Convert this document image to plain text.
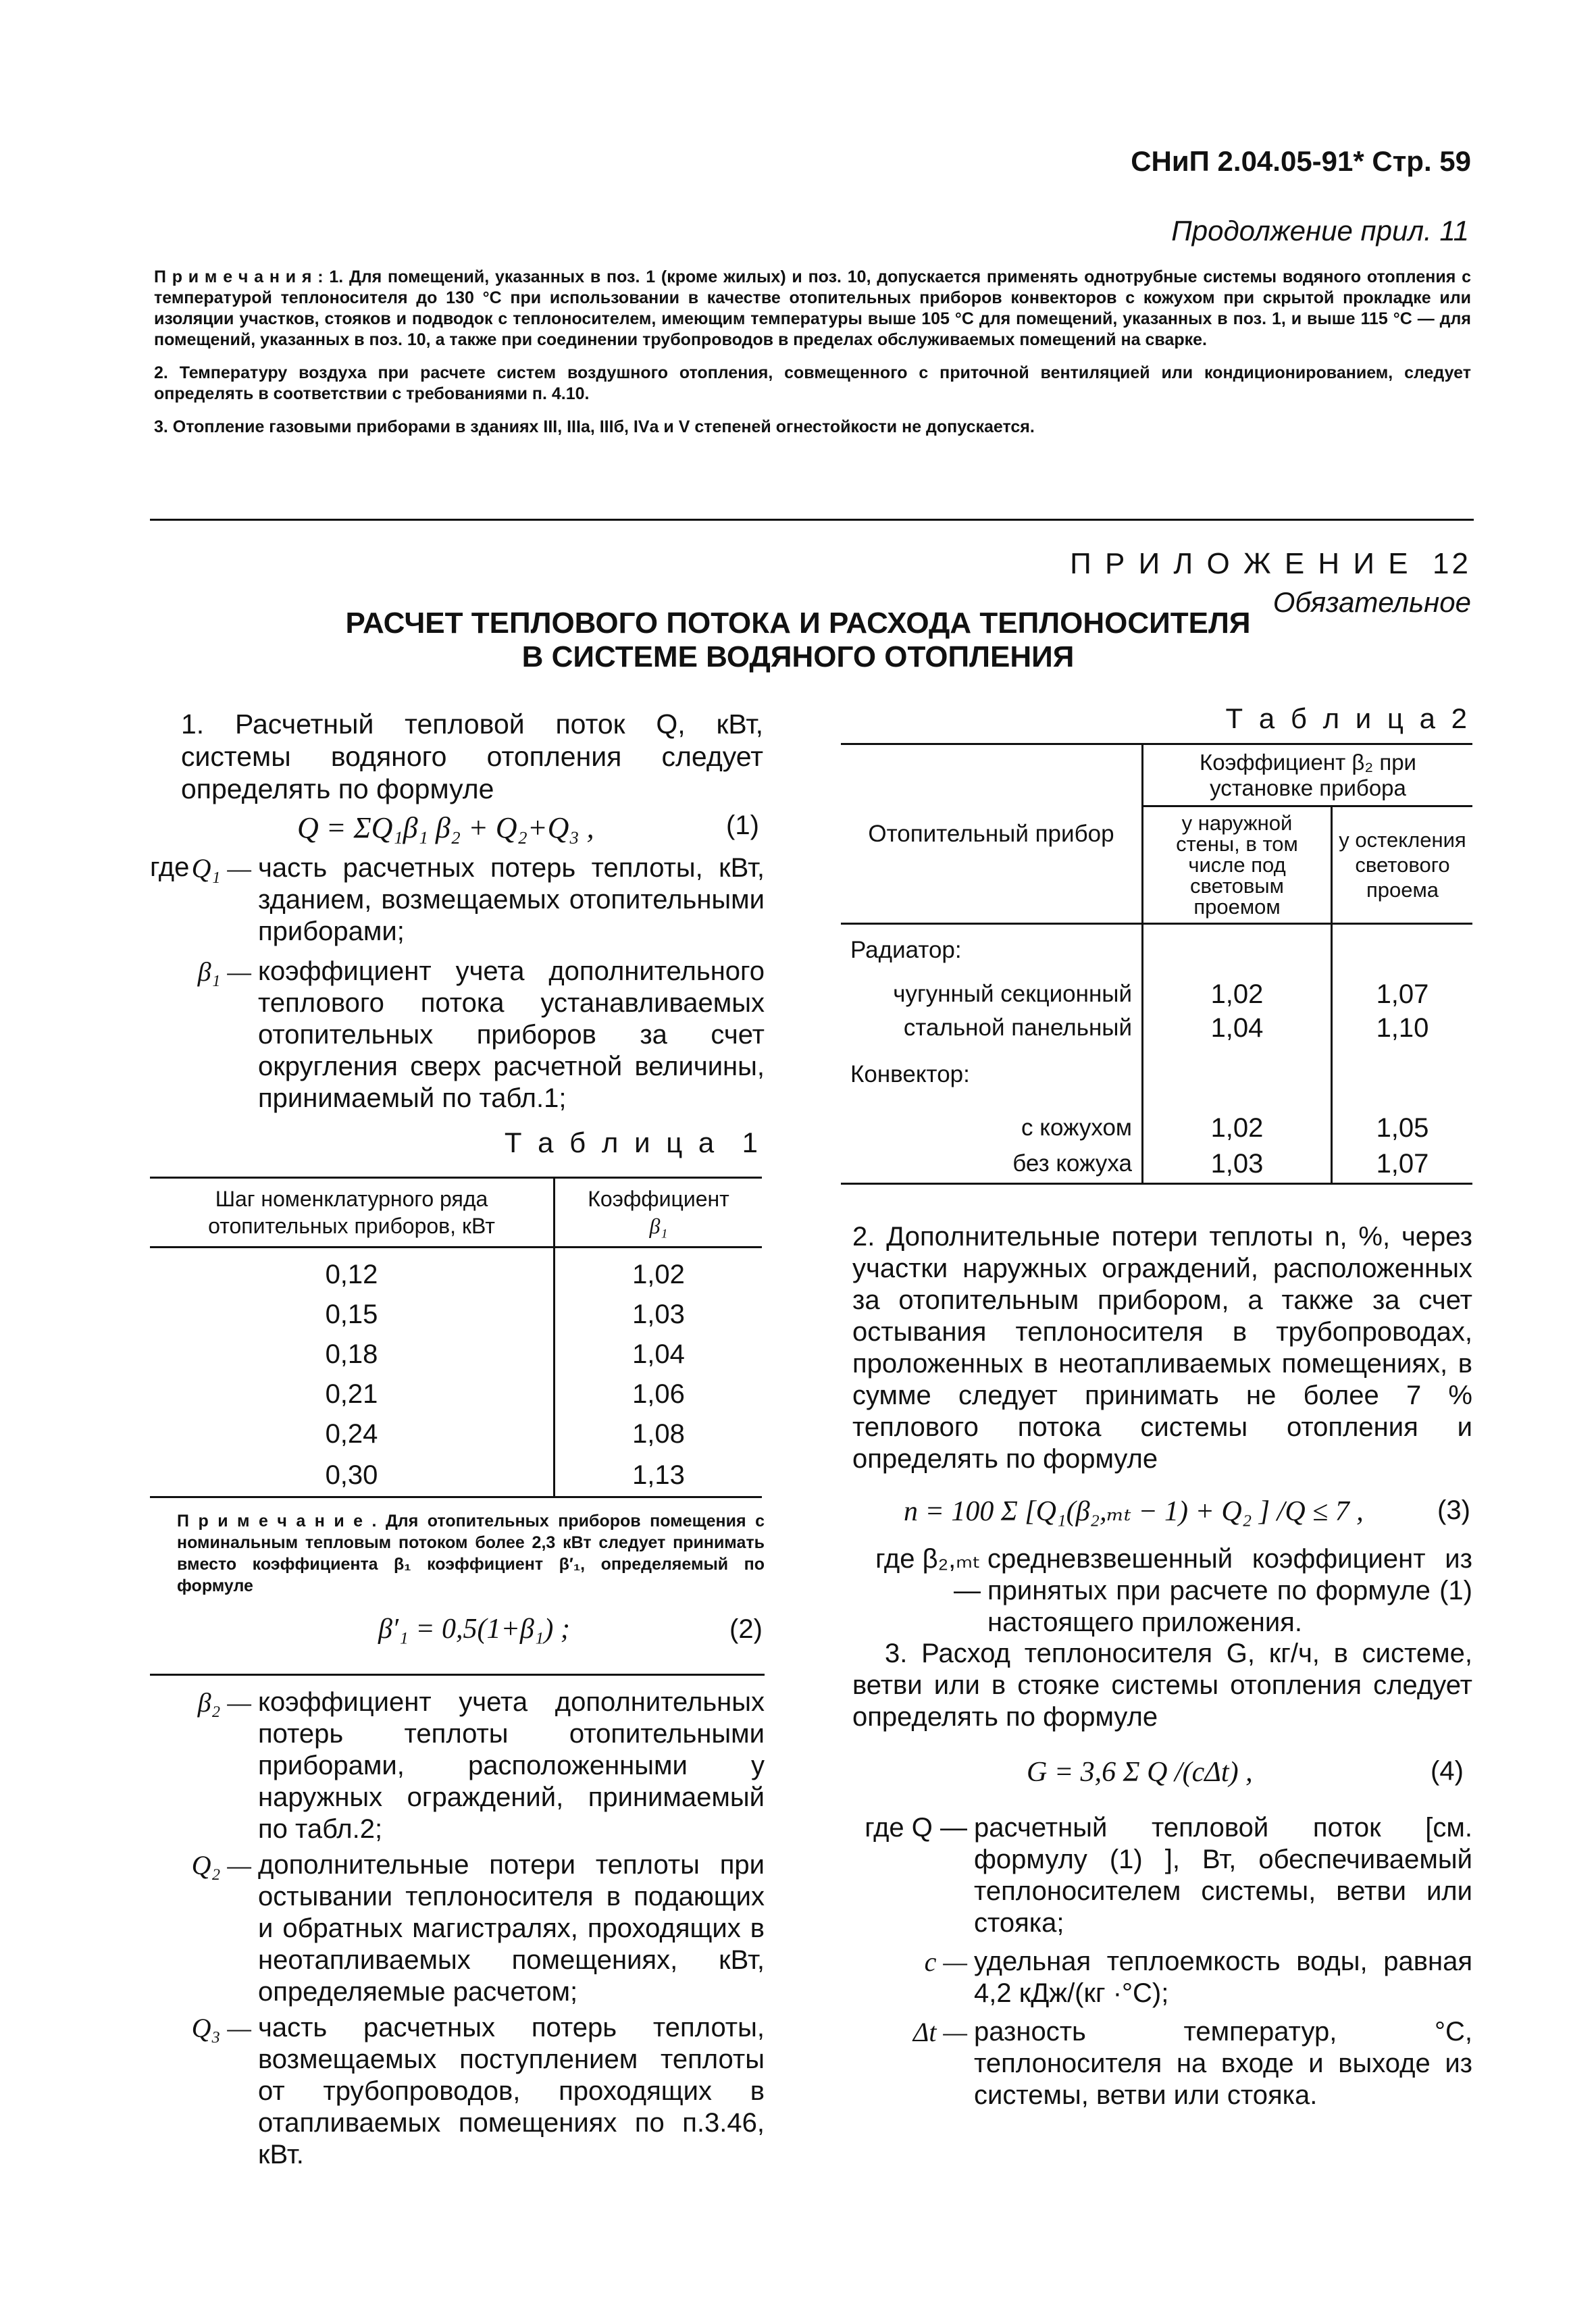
СНиП 2.04.05-91* Стр. 59
Продолжение прил. 11

П р и м е ч а н и я : 1. Для помещений, указанных в поз. 1 (кроме жилых) и поз. 10, допускается применять однотрубные системы водяного отопления с температурой теплоносителя до 130 °С при использовании в качестве отопительных приборов конвекторов с кожухом при скрытой прокладке или изоляции участков, стояков и подводок с теплоносителем, имеющим температуры выше 105 °С для помещений, указанных в поз. 1, и выше 115 °С — для помещений, указанных в поз. 10, а также при соединении трубопроводов в пределах обслуживаемых помещений на сварке.

2. Температуру воздуха при расчете систем воздушного отопления, совмещенного с приточной вентиляцией или кондиционированием, следует определять в соответствии с требованиями п. 4.10.

3. Отопление газовыми приборами в зданиях III, IIIa, IIIб, IVа и V степеней огнестойкости не допускается.

П Р И Л О Ж Е Н И Е  12
Обязательное
РАСЧЕТ ТЕПЛОВОГО ПОТОКА И РАСХОДА ТЕПЛОНОСИТЕЛЯ
В СИСТЕМЕ ВОДЯНОГО ОТОПЛЕНИЯ

1. Расчетный тепловой поток Q, кВт, системы водяного отопления следует определять по формуле

Q = ΣQ₁β₁ β₂ + Q₂+Q₃ ,	(1)
где Q₁ — часть расчетных потерь теплоты, кВт, зданием, возмещаемых отопительными приборами;
β₁ — коэффициент учета дополнительного теплового потока устанавливаемых отопительных приборов за счет округления сверх расчетной величины, принимаемый по табл.1;
Т а б л и ц а  1
Шаг номенклатурного ряда отопительных приборов, кВт	Коэффициент
β₁

0,12	1,02
0,15	1,03
0,18	1,04
0,21	1,06
0,24	1,08
0,30	1,13
П р и м е ч а н и е . Для отопительных приборов помещения с номинальным тепловым потоком более 2,3 кВт следует принимать вместо коэффициента β₁ коэффициент β′₁, определяемый по формуле
β′₁ = 0,5(1+β₁) ;	(2)
β₂ — коэффициент учета дополнительных потерь теплоты отопительными приборами, расположенными у наружных ограждений, принимаемый по табл.2;
Q₂ — дополнительные потери теплоты при остывании теплоносителя в подающих и обратных магистралях, проходящих в неотапливаемых помещениях, кВт, определяемые расчетом;
Q₃ — часть расчетных потерь теплоты, возмещаемых поступлением теплоты от трубопроводов, проходящих в отапливаемых помещениях по п.3.46, кВт.
Т а б л и ц а 2
Отопительный прибор	Коэффициент β₂ при установке прибора	
	у наружной стены, в том числе под световым проемом	у остекления светового проема
Радиатор:		
чугунный секционный	1,02	1,07
стальной панельный	1,04	1,10
Конвектор:		
с кожухом	1,02	1,05
без кожуха	1,03	1,07

2. Дополнительные потери теплоты n, %, через участки наружных ограждений, расположенных за отопительным прибором, а также за счет остывания теплоносителя в трубопроводах, проложенных в неотапливаемых помещениях, в сумме следует принимать не более 7 % теплового потока системы отопления и определять по формуле

n = 100 Σ [Q₁(β₂,ₘₜ − 1) + Q₂ ] /Q ≤ 7 ,	(3)
где β₂,ₘₜ —
средневзвешенный коэффициент из принятых при расчете по формуле (1) настоящего приложения.

3. Расход теплоносителя G, кг/ч, в системе, ветви или в стояке системы отопления следует определять по формуле

G = 3,6 Σ Q /(cΔt) ,	(4)
где Q — расчетный тепловой поток [см. формулу (1) ], Вт, обеспечиваемый теплоносителем системы, ветви или стояка;
c — удельная теплоемкость воды, равная 4,2 кДж/(кг ·°С);
Δt — разность температур, °С, теплоносителя на входе и выходе из системы, ветви или стояка.
